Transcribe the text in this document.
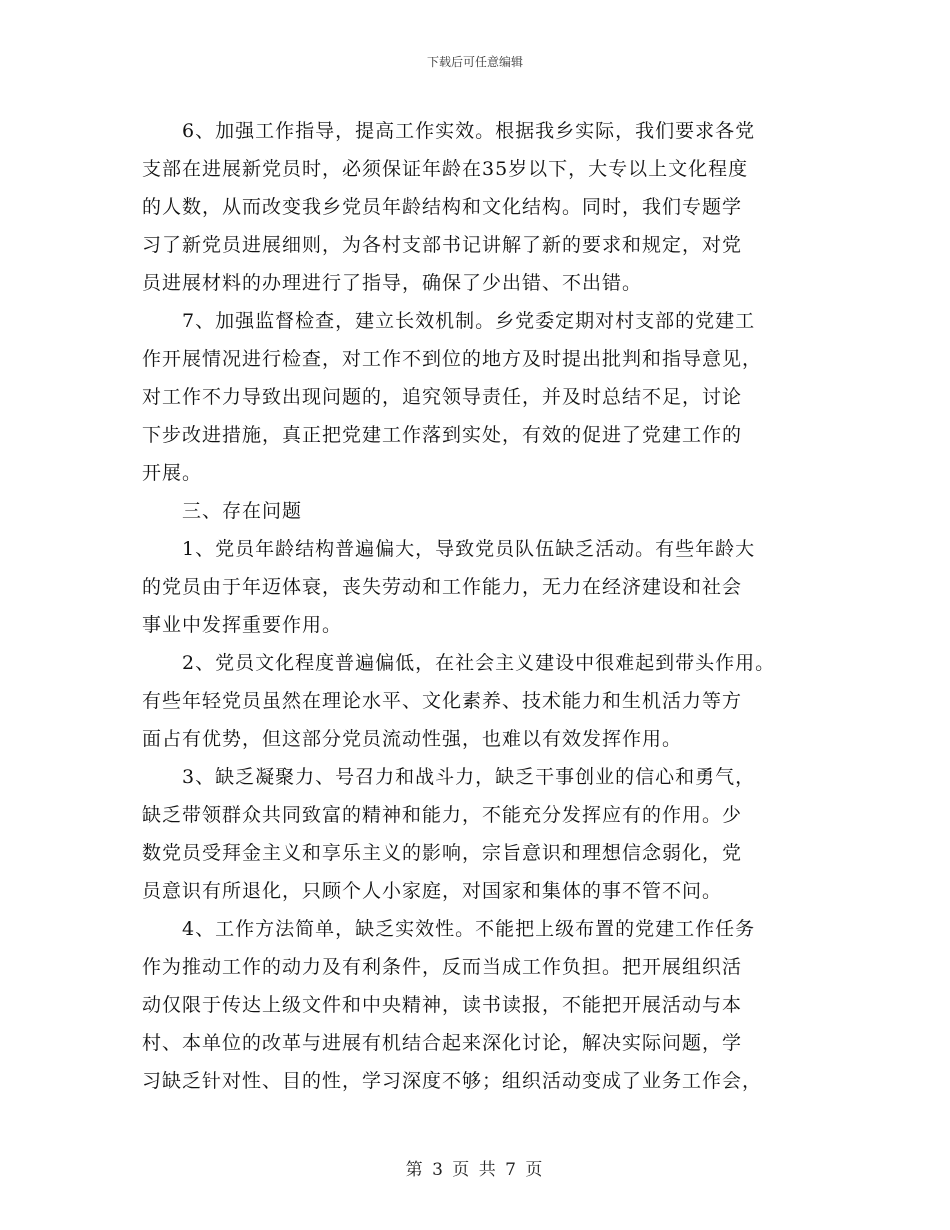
下载后可任意编辑
6、加强工作指导，提高工作实效。根据我乡实际，我们要求各党
支部在进展新党员时，必须保证年龄在35岁以下，大专以上文化程度
的人数，从而改变我乡党员年龄结构和文化结构。同时，我们专题学
习了新党员进展细则，为各村支部书记讲解了新的要求和规定，对党
员进展材料的办理进行了指导，确保了少出错、不出错。
7、加强监督检查，建立长效机制。乡党委定期对村支部的党建工
作开展情况进行检查，对工作不到位的地方及时提出批判和指导意见，
对工作不力导致出现问题的，追究领导责任，并及时总结不足，讨论
下步改进措施，真正把党建工作落到实处，有效的促进了党建工作的
开展。
三、存在问题
1、党员年龄结构普遍偏大，导致党员队伍缺乏活动。有些年龄大
的党员由于年迈体衰，丧失劳动和工作能力，无力在经济建设和社会
事业中发挥重要作用。
2、党员文化程度普遍偏低，在社会主义建设中很难起到带头作用。
有些年轻党员虽然在理论水平、文化素养、技术能力和生机活力等方
面占有优势，但这部分党员流动性强，也难以有效发挥作用。
3、缺乏凝聚力、号召力和战斗力，缺乏干事创业的信心和勇气，
缺乏带领群众共同致富的精神和能力，不能充分发挥应有的作用。少
数党员受拜金主义和享乐主义的影响，宗旨意识和理想信念弱化，党
员意识有所退化，只顾个人小家庭，对国家和集体的事不管不问。
4、工作方法简单，缺乏实效性。不能把上级布置的党建工作任务
作为推动工作的动力及有利条件，反而当成工作负担。把开展组织活
动仅限于传达上级文件和中央精神，读书读报，不能把开展活动与本
村、本单位的改革与进展有机结合起来深化讨论，解决实际问题，学
习缺乏针对性、目的性，学习深度不够；组织活动变成了业务工作会，
第 3 页 共 7 页
